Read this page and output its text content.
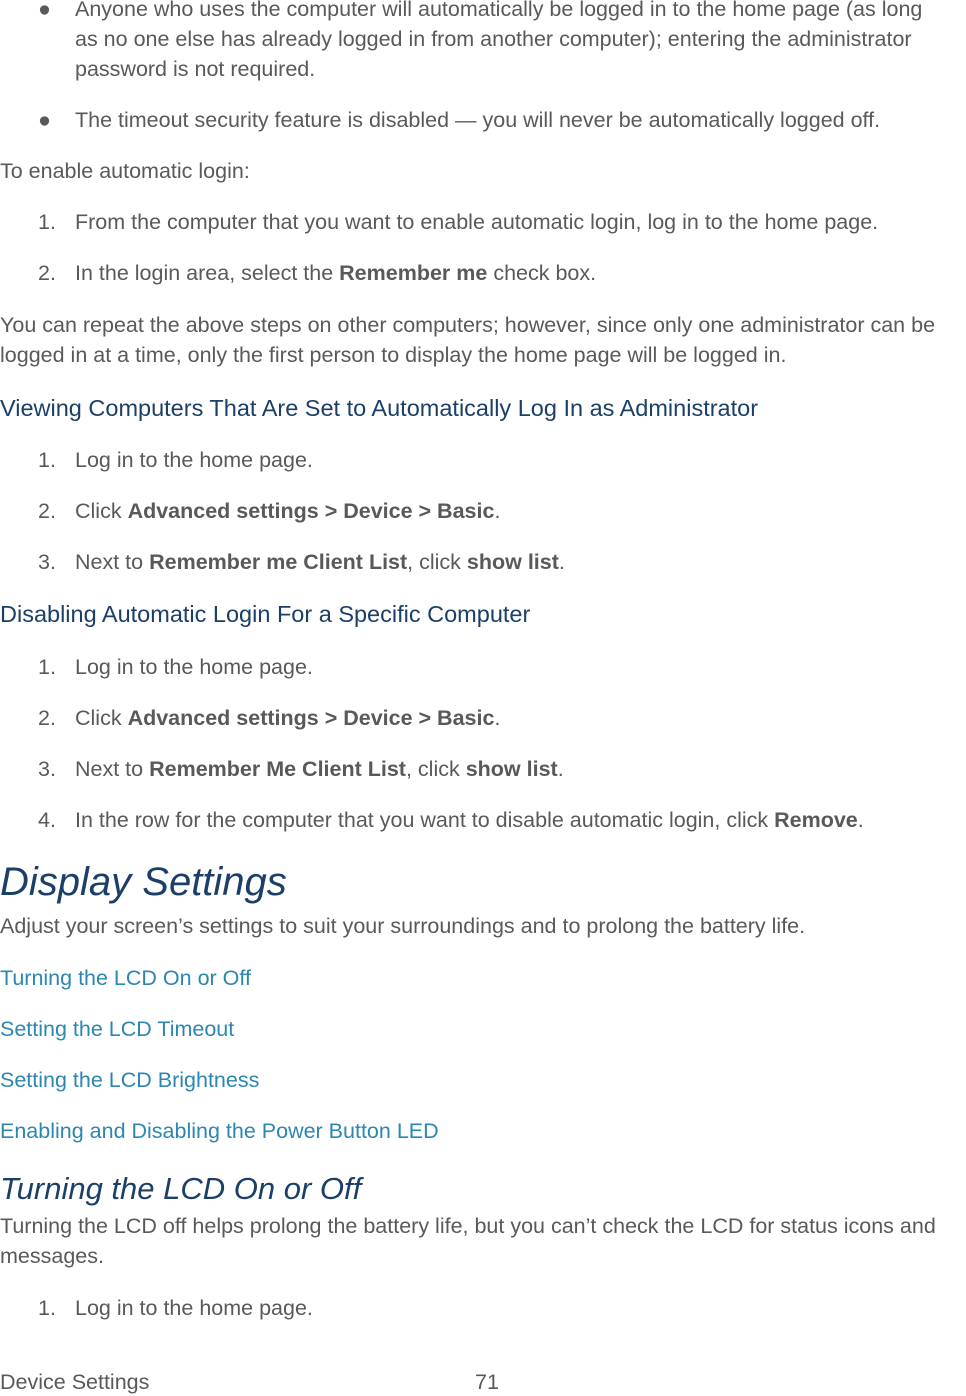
● Anyone who uses the computer will automatically be logged in to the home page (as long as no one else has already logged in from another computer); entering the administrator password is not required.
● The timeout security feature is disabled — you will never be automatically logged off.
To enable automatic login:
1. From the computer that you want to enable automatic login, log in to the home page.
2. In the login area, select the Remember me check box.
You can repeat the above steps on other computers; however, since only one administrator can be logged in at a time, only the first person to display the home page will be logged in.
Viewing Computers That Are Set to Automatically Log In as Administrator
1. Log in to the home page.
2. Click Advanced settings > Device > Basic.
3. Next to Remember me Client List, click show list.
Disabling Automatic Login For a Specific Computer
1. Log in to the home page.
2. Click Advanced settings > Device > Basic.
3. Next to Remember Me Client List, click show list.
4. In the row for the computer that you want to disable automatic login, click Remove.
Display Settings
Adjust your screen’s settings to suit your surroundings and to prolong the battery life.
Turning the LCD On or Off
Setting the LCD Timeout
Setting the LCD Brightness
Enabling and Disabling the Power Button LED
Turning the LCD On or Off
Turning the LCD off helps prolong the battery life, but you can’t check the LCD for status icons and messages.
1. Log in to the home page.
Device Settings	71
